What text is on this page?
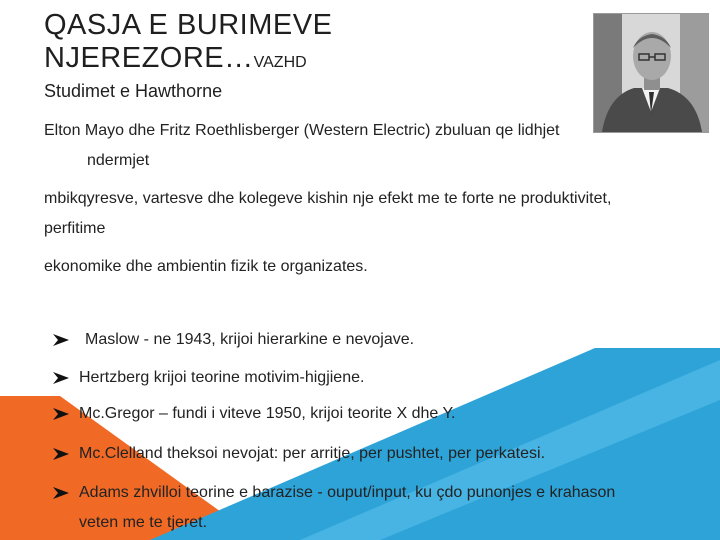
QASJA E BURIMEVE
NJEREZORE…VAZHD
Studimet e Hawthorne
Elton Mayo dhe Fritz Roethlisberger (Western Electric) zbuluan qe lidhjet
ndermjet
mbikqyresve, vartesve dhe kolegeve kishin nje efekt me te forte ne produktivitet,
perfitime
ekonomike dhe ambientin fizik te organizates.
Maslow - ne 1943, krijoi hierarkine e nevojave.
Hertzberg krijoi teorine motivim-higjiene.
Mc.Gregor – fundi i viteve 1950, krijoi teorite X dhe Y.
Mc.Clelland theksoi nevojat: per arritje, per pushtet, per perkatesi.
Adams zhvilloi teorine e barazise - ouput/input, ku çdo punonjes e krahason
veten me te tjeret.
